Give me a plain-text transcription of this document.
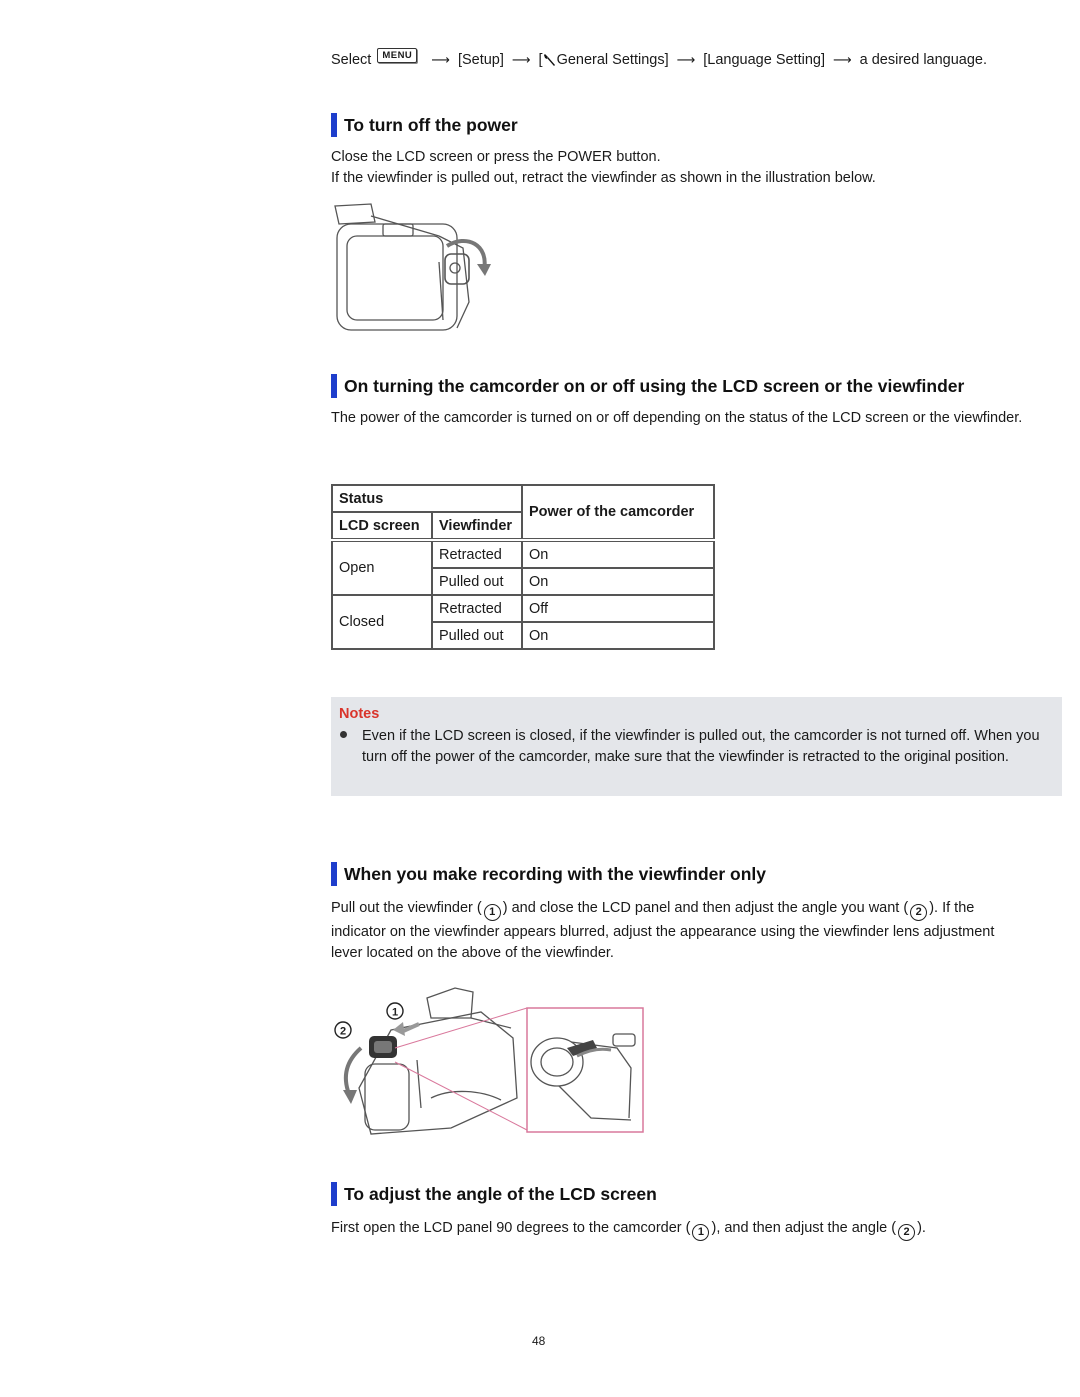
Select	MENU	⟶ [Setup] ⟶ [ General Settings] ⟶ [Language Setting] ⟶ a desired language.
To turn off the power
Close the LCD screen or press the POWER button.
If the viewfinder is pulled out, retract the viewfinder as shown in the illustration below.
On turning the camcorder on or off using the LCD screen or the viewfinder
The power of the camcorder is turned on or off depending on the status of the LCD screen or the viewfinder.
Status		Power of the camcorder
LCD screen	Viewfinder	
Open	Retracted	On
	Pulled out	On
Closed	Retracted	Off
	Pulled out	On
Notes
Even if the LCD screen is closed, if the viewfinder is pulled out, the camcorder is not turned off. When you turn off the power of the camcorder, make sure that the viewfinder is retracted to the original position.
When you make recording with the viewfinder only
Pull out the viewfinder ( 1 ) and close the LCD panel and then adjust the angle you want ( 2 ). If the
indicator on the viewfinder appears blurred, adjust the appearance using the viewfinder lens adjustment
lever located on the above of the viewfinder.
1
2
To adjust the angle of the LCD screen
First open the LCD panel 90 degrees to the camcorder ( 1 ), and then adjust the angle ( 2 ).
48
